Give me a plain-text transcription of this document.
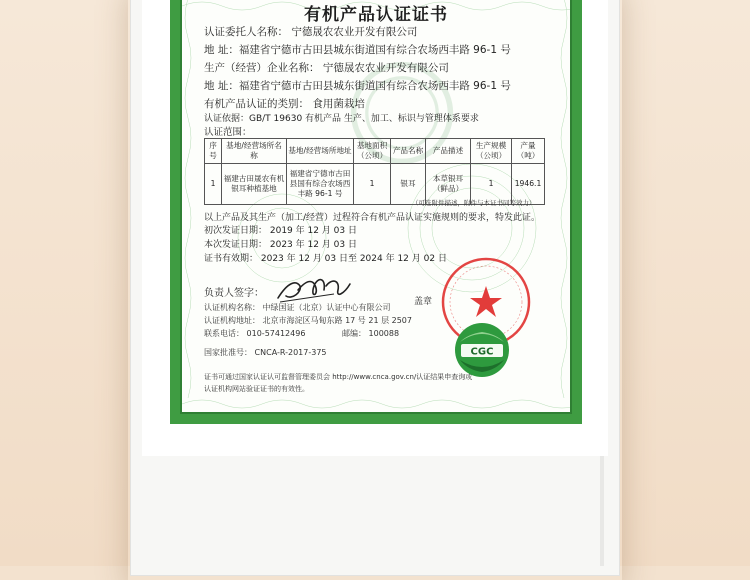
有机产品认证证书
认证委托人名称： 宁德晟农农业开发有限公司
地 址：福建省宁德市古田县城东街道国有综合农场西丰路 96-1 号
生产（经营）企业名称： 宁德晟农农业开发有限公司
地 址：福建省宁德市古田县城东街道国有综合农场西丰路 96-1 号
有机产品认证的类别： 食用菌栽培
认证依据：GB/T 19630 有机产品 生产、加工、标识与管理体系要求
认证范围：
序号	基地/经营场所名称	基地/经营场所地址	基地面积（公顷）	产品名称	产品描述	生产规模（公顷）	产量（吨）
1	福建古田晟农有机银耳种植基地	福建省宁德市古田县国有综合农场西丰路 96-1 号	1	银耳	本草银耳（鲜品）	1	1946.1
（可选附件描述，附件与本证书同等效力）
以上产品及其生产（加工/经营）过程符合有机产品认证实施规则的要求，特发此证。
初次发证日期： 2019 年 12 月 03 日
本次发证日期： 2023 年 12 月 03 日
证书有效期： 2023 年 12 月 03 日至 2024 年 12 月 02 日
负责人签字：
盖章
认证机构名称： 中绿国证（北京）认证中心有限公司
认证机构地址： 北京市海淀区马甸东路 17 号 21 层 2507
联系电话： 010-57412496	邮编： 100088
国家批准号： CNCA-R-2017-375
证书可通过国家认证认可监督管理委员会 http://www.cnca.gov.cn/认证结果申查询或
认证机构网站验证证书的有效性。
CGC
